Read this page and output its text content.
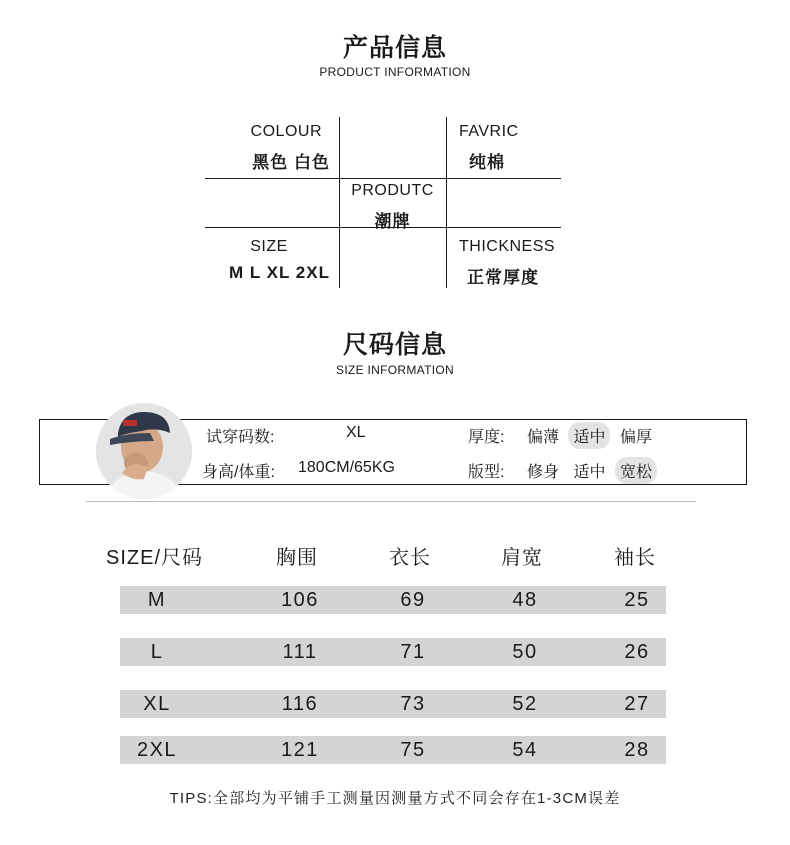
产品信息
PRODUCT INFORMATION
COLOUR
黑色 白色
FAVRIC
纯棉
PRODUTC
潮牌
SIZE
M L XL 2XL
THICKNESS
正常厚度
尺码信息
SIZE INFORMATION
试穿码数:	XL
身高/体重: 180CM/65KG
厚度:	偏薄 适中 偏厚
版型:	修身 适中 宽松
SIZE/尺码	胸围	衣长	肩宽	袖长
M	106	69	48	25
L	111	71	50	26
XL	116	73	52	27
2XL	121	75	54	28
TIPS:全部均为平铺手工测量因测量方式不同会存在1-3CM误差
